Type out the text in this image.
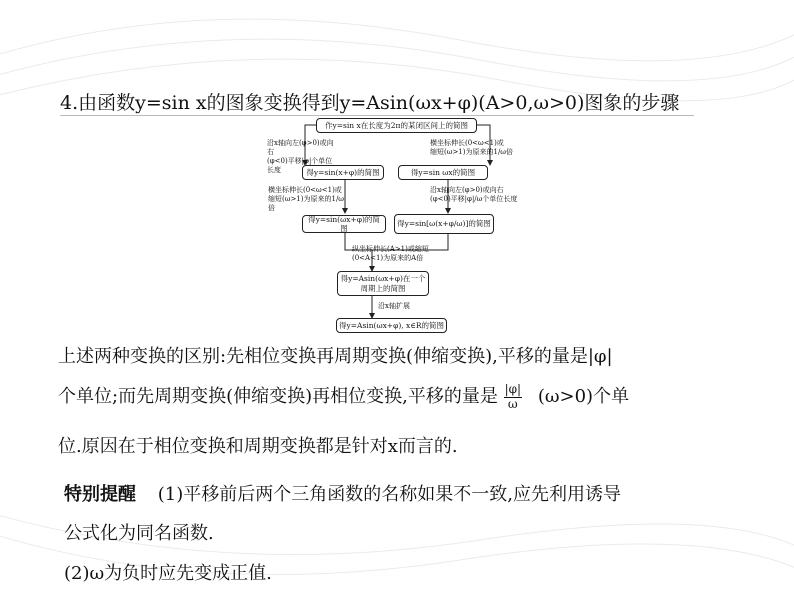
4.由函数y=sin x的图象变换得到y=Asin(ωx+φ)(A>0,ω>0)图象的步骤
作y=sin x在长度为2π的某闭区间上的简图
沿x轴向左(φ>0)或向右
(φ<0)平移|φ|个单位长度
横坐标伸长(0<ω<1)或
缩短(ω>1)为原来的1/ω倍
得y=sin(x+φ)的简图	得y=sin ωx的简图
横坐标伸长(0<ω<1)或
缩短(ω>1)为原来的1/ω倍
沿x轴向左(φ>0)或向右
(φ<0)平移|φ|/ω个单位长度
得y=sin(ωx+φ)的简图
得y=sin[ω(x+φ/ω)]的简图
纵坐标伸长(A>1)或缩短
(0<A<1)为原来的A倍
得y=Asin(ωx+φ)在一个
周期上的简图
沿x轴扩展
得y=Asin(ωx+φ), x∈R的简图
上述两种变换的区别:先相位变换再周期变换(伸缩变换),平移的量是|φ|
个单位;而先周期变换(伸缩变换)再相位变换,平移的量是 $\frac{|\varphi|}{\omega} (\omega>0)$个单
位.原因在于相位变换和周期变换都是针对x而言的.
特别提醒 (1)平移前后两个三角函数的名称如果不一致,应先利用诱导
公式化为同名函数.
(2)ω为负时应先变成正值.
